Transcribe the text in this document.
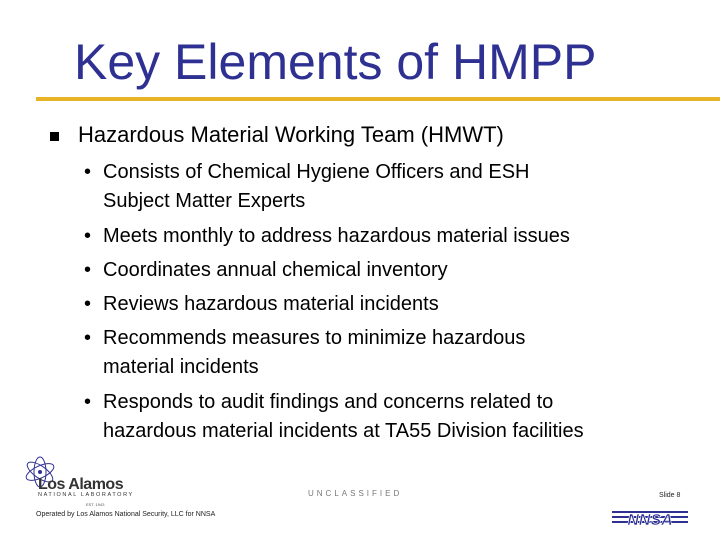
Key Elements of HMPP
Hazardous Material Working Team (HMWT)
• Consists of Chemical Hygiene Officers and ESH
Subject Matter Experts
• Meets monthly to address hazardous material issues
• Coordinates annual chemical inventory
• Reviews hazardous material incidents
• Recommends measures to minimize hazardous
material incidents
• Responds to audit findings and concerns related to
hazardous material incidents at TA55 Division facilities
Los Alamos
NATIONAL LABORATORY
EST. 1943
Operated by Los Alamos National Security, LLC for NNSA
UNCLASSIFIED	Slide 8
NNSA
